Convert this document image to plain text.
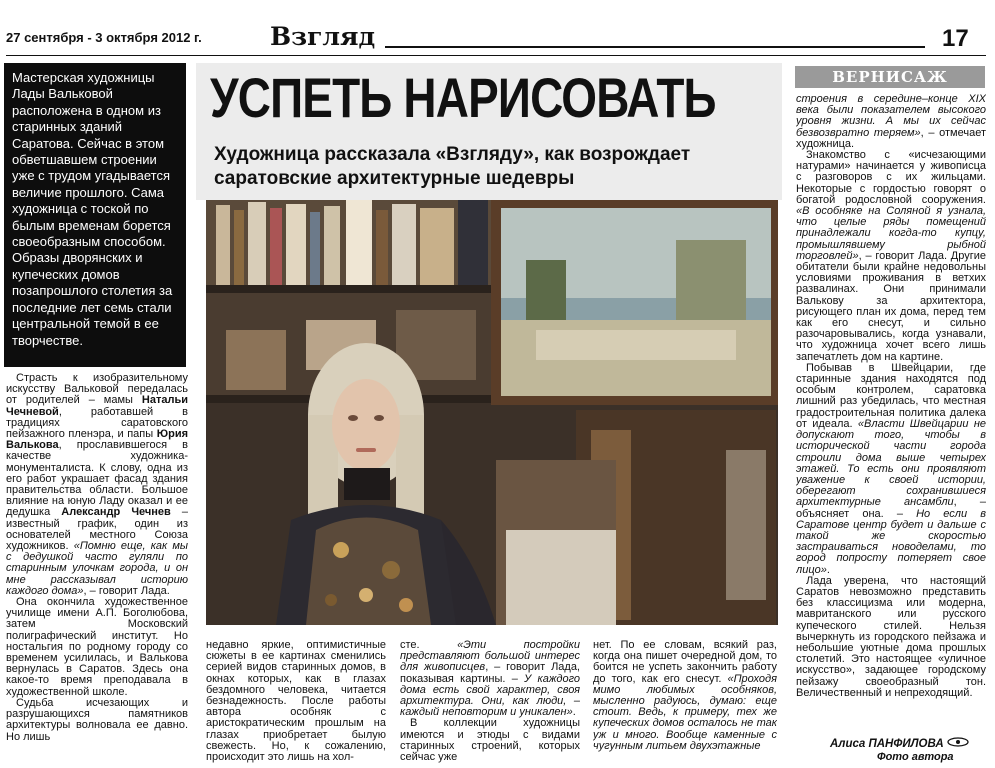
27 сентября - 3 октября 2012 г.	Взгляд	17
Мастерская художницы Лады Вальковой расположена в одном из старинных зданий Саратова. Сейчас в этом обветшавшем строении уже с трудом угадывается величие прошлого. Сама художница с тоской по былым временам борется своеобразным способом. Образы дворянских и купеческих домов позапрошлого столетия за последние лет семь стали центральной темой в ее творчестве.
УСПЕТЬ НАРИСОВАТЬ
Художница рассказала «Взгляду», как возрождает саратовские архитектурные шедевры
ВЕРНИСАЖ

Страсть к изобразительному искусству Вальковой передалась от родителей – мамы Натальи Чечневой, работавшей в традициях саратовского пейзажного пленэра, и папы Юрия Валькова, прославившегося в качестве художника-монументалиста. К слову, одна из его работ украшает фасад здания правительства области. Большое влияние на юную Ладу оказал и ее дедушка Александр Чечнев – известный график, один из основателей местного Союза художников. «Помню еще, как мы с дедушкой часто гуляли по старинным улочкам города, и он мне рассказывал историю каждого дома», – говорит Лада.

Она окончила художественное училище имени А.П. Боголюбова, затем Московский полиграфический институт. Но ностальгия по родному городу со временем усилилась, и Валькова вернулась в Саратов. Здесь она какое-то время преподавала в художественной школе.

Судьба исчезающих и разрушающихся памятников архитектуры волновала ее давно. Но лишь

недавно яркие, оптимистичные сюжеты в ее картинах сменились серией видов старинных домов, в окнах которых, как в глазах бездомного человека, читается безнадежность. После работы автора особняк с аристократическим прошлым на глазах приобретает былую свежесть. Но, к сожалению, происходит это лишь на хол-

сте. «Эти постройки представляют большой интерес для живописцев, – говорит Лада, показывая картины. – У каждого дома есть свой характер, своя архитектура. Они, как люди, – каждый неповторим и уникален».

В коллекции художницы имеются и этюды с видами старинных строений, которых сейчас уже

нет. По ее словам, всякий раз, когда она пишет очередной дом, то боится не успеть закончить работу до того, как его снесут. «Проходя мимо любимых особняков, мысленно радуюсь, думаю: еще стоит. Ведь, к примеру, тех же купеческих домов осталось не так уж и много. Вообще каменные с чугунным литьем двухэтажные

строения в середине–конце XIX века были показателем высокого уровня жизни. А мы их сейчас безвозвратно теряем», – отмечает художница.

Знакомство с «исчезающими натурами» начинается у живописца с разговоров с их жильцами. Некоторые с гордостью говорят о богатой родословной сооружения. «В особняке на Соляной я узнала, что целые ряды помещений принадлежали когда-то купцу, промышлявшему рыбной торговлей», – говорит Лада. Другие обитатели были крайне недовольны условиями проживания в ветхих развалинах. Они принимали Валькову за архитектора, рисующего план их дома, перед тем как его снесут, и сильно разочаровывались, когда узнавали, что художница хочет всего лишь запечатлеть дом на картине.

Побывав в Швейцарии, где старинные здания находятся под особым контролем, саратовка лишний раз убедилась, что местная градостроительная политика далека от идеала. «Власти Швейцарии не допускают того, чтобы в исторической части города строили дома выше четырех этажей. То есть они проявляют уважение к своей истории, оберегают сохранившиеся архитектурные ансамбли, – объясняет она. – Но если в Саратове центр будет и дальше с такой же скоростью застраиваться новоделами, то город попросту потеряет свое лицо».

Лада уверена, что настоящий Саратов невозможно представить без классицизма или модерна, мавританского или русского купеческого стилей. Нельзя вычеркнуть из городского пейзажа и небольшие уютные дома прошлых столетий. Это настоящее «уличное искусство», задающее городскому пейзажу своеобразный тон. Величественный и непреходящий.

Алиса ПАНФИЛОВА
Фото автора
